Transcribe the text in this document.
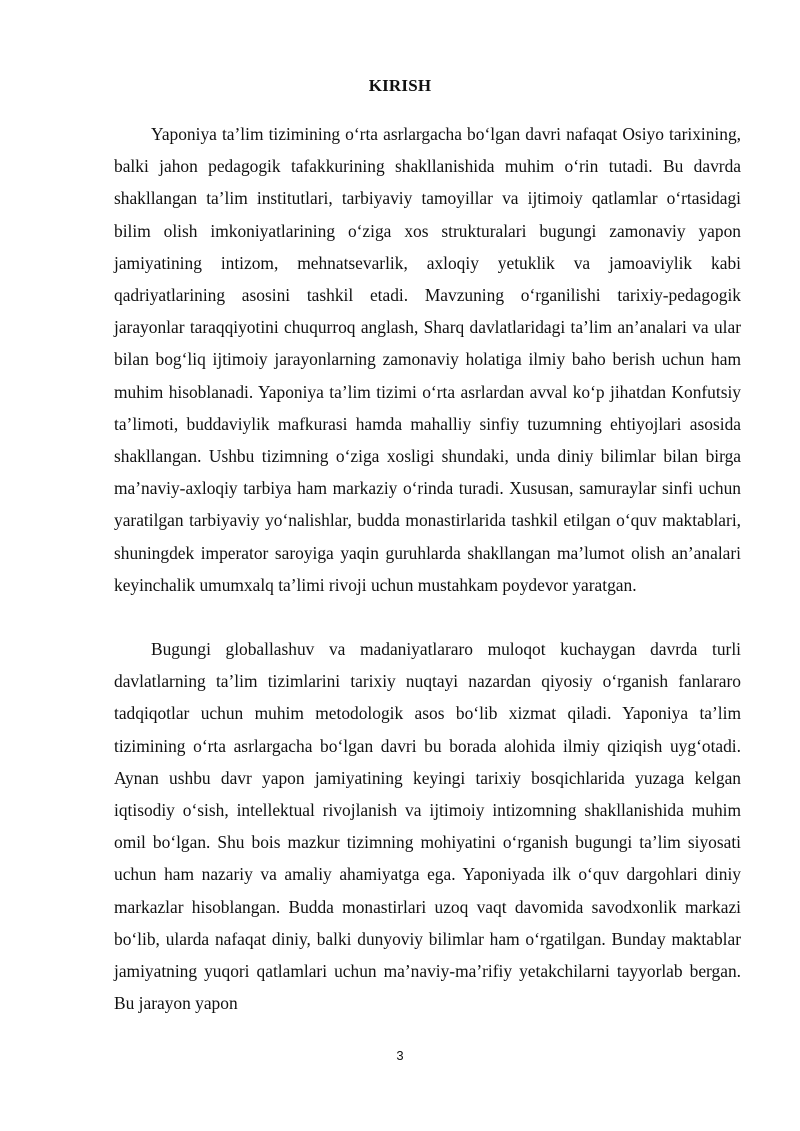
KIRISH

Yaponiya ta’lim tizimining o‘rta asrlargacha bo‘lgan davri nafaqat Osiyo tarixining, balki jahon pedagogik tafakkurining shakllanishida muhim o‘rin tutadi. Bu davrda shakllangan ta’lim institutlari, tarbiyaviy tamoyillar va ijtimoiy qatlamlar o‘rtasidagi bilim olish imkoniyatlarining o‘ziga xos strukturalari bugungi zamonaviy yapon jamiyatining intizom, mehnatsevarlik, axloqiy yetuklik va jamoaviylik kabi qadriyatlarining asosini tashkil etadi. Mavzuning o‘rganilishi tarixiy-pedagogik jarayonlar taraqqiyotini chuqurroq anglash, Sharq davlatlaridagi ta’lim an’analari va ular bilan bog‘liq ijtimoiy jarayonlarning zamonaviy holatiga ilmiy baho berish uchun ham muhim hisoblanadi. Yaponiya ta’lim tizimi o‘rta asrlardan avval ko‘p jihatdan Konfutsiy ta’limoti, buddaviylik mafkurasi hamda mahalliy sinfiy tuzumning ehtiyojlari asosida shakllangan. Ushbu tizimning o‘ziga xosligi shundaki, unda diniy bilimlar bilan birga ma’naviy-axloqiy tarbiya ham markaziy o‘rinda turadi. Xususan, samuraylar sinfi uchun yaratilgan tarbiyaviy yo‘nalishlar, budda monastirlarida tashkil etilgan o‘quv maktablari, shuningdek imperator saroyiga yaqin guruhlarda shakllangan ma’lumot olish an’analari keyinchalik umumxalq ta’limi rivoji uchun mustahkam poydevor yaratgan.

Bugungi globallashuv va madaniyatlararo muloqot kuchaygan davrda turli davlatlarning ta’lim tizimlarini tarixiy nuqtayi nazardan qiyosiy o‘rganish fanlararo tadqiqotlar uchun muhim metodologik asos bo‘lib xizmat qiladi. Yaponiya ta’lim tizimining o‘rta asrlargacha bo‘lgan davri bu borada alohida ilmiy qiziqish uyg‘otadi. Aynan ushbu davr yapon jamiyatining keyingi tarixiy bosqichlarida yuzaga kelgan iqtisodiy o‘sish, intellektual rivojlanish va ijtimoiy intizomning shakllanishida muhim omil bo‘lgan. Shu bois mazkur tizimning mohiyatini o‘rganish bugungi ta’lim siyosati uchun ham nazariy va amaliy ahamiyatga ega. Yaponiyada ilk o‘quv dargohlari diniy markazlar hisoblangan. Budda monastirlari uzoq vaqt davomida savodxonlik markazi bo‘lib, ularda nafaqat diniy, balki dunyoviy bilimlar ham o‘rgatilgan. Bunday maktablar jamiyatning yuqori qatlamlari uchun ma’naviy-ma’rifiy yetakchilarni tayyorlab bergan. Bu jarayon yapon

3
